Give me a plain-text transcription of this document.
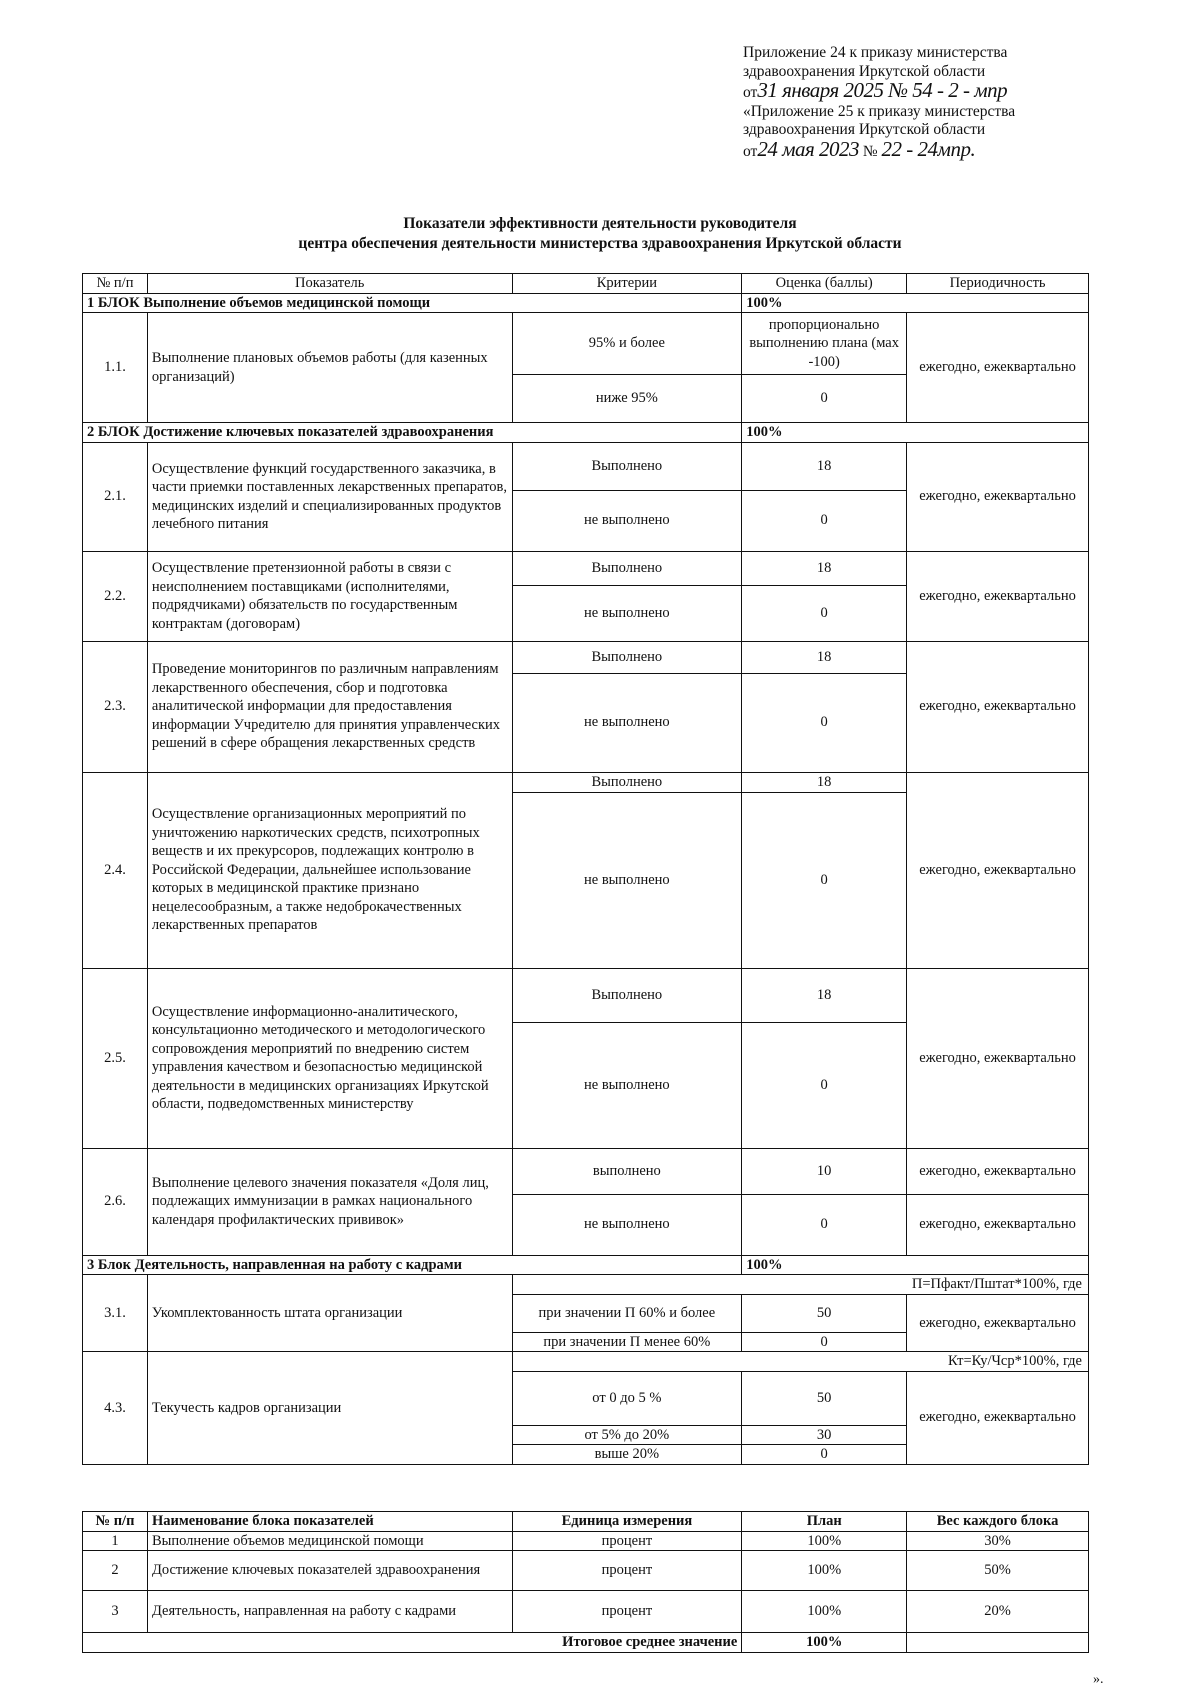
Приложение 24 к приказу министерства
здравоохранения Иркутской области
от31 января 2025 № 54 - 2 - мпр
«Приложение 25 к приказу министерства
здравоохранения Иркутской области
от24 мая 2023 № 22 - 24мпр.
Показатели эффективности деятельности руководителя
центра обеспечения деятельности министерства здравоохранения Иркутской области
№ п/п	Показатель	Критерии	Оценка (баллы)	Периодичность
1 БЛОК Выполнение объемов медицинской помощи			100%	
1.1.	Выполнение плановых объемов работы (для казенных организаций)	95% и более	пропорционально выполнению плана (мах -100)	ежегодно, ежеквартально
		ниже 95%	0	
2 БЛОК Достижение ключевых показателей здравоохранения			100%	
2.1.	Осуществление функций государственного заказчика, в части приемки поставленных лекарственных препаратов, медицинских изделий и специализированных продуктов лечебного питания	Выполнено	18	ежегодно, ежеквартально
		не выполнено	0	
2.2.	Осуществление претензионной работы в связи с неисполнением поставщиками (исполнителями, подрядчиками) обязательств по государственным контрактам (договорам)	Выполнено	18	ежегодно, ежеквартально
		не выполнено	0	
2.3.	Проведение мониторингов по различным направлениям лекарственного обеспечения, сбор и подготовка аналитической информации для предоставления информации Учредителю для принятия управленческих решений в сфере обращения лекарственных средств	Выполнено	18	ежегодно, ежеквартально
		не выполнено	0	
2.4.	Осуществление организационных мероприятий по уничтожению наркотических средств, психотропных веществ и их прекурсоров, подлежащих контролю в Российской Федерации, дальнейшее использование которых в медицинской практике признано нецелесообразным, а также недоброкачественных лекарственных препаратов	Выполнено	18	ежегодно, ежеквартально
		не выполнено	0	
2.5.	Осуществление информационно-аналитического, консультационно методического и методологического сопровождения мероприятий по внедрению систем управления качеством и безопасностью медицинской деятельности в медицинских организациях Иркутской области, подведомственных министерству	Выполнено	18	ежегодно, ежеквартально
		не выполнено	0	
2.6.	Выполнение целевого значения показателя «Доля лиц, подлежащих иммунизации в рамках национального календаря профилактических прививок»	выполнено	10	ежегодно, ежеквартально
		не выполнено	0	ежегодно, ежеквартально
3 Блок Деятельность, направленная на работу с кадрами			100%	
3.1.	Укомплектованность штата организации	П=Пфакт/Пштат*100%, где		
		при значении П 60% и более	50	ежегодно, ежеквартально
		при значении П менее 60%	0	
4.3.	Текучесть кадров организации	Кт=Ку/Чср*100%, где		
		от 0 до 5 %	50	ежегодно, ежеквартально
		от 5% до 20%	30	
		выше 20%	0	
№ п/п	Наименование блока показателей	Единица измерения	План	Вес каждого блока
1	Выполнение объемов медицинской помощи	процент	100%	30%
2	Достижение ключевых показателей здравоохранения	процент	100%	50%
3	Деятельность, направленная на работу с кадрами	процент	100%	20%
Итоговое среднее значение			100%	
».
